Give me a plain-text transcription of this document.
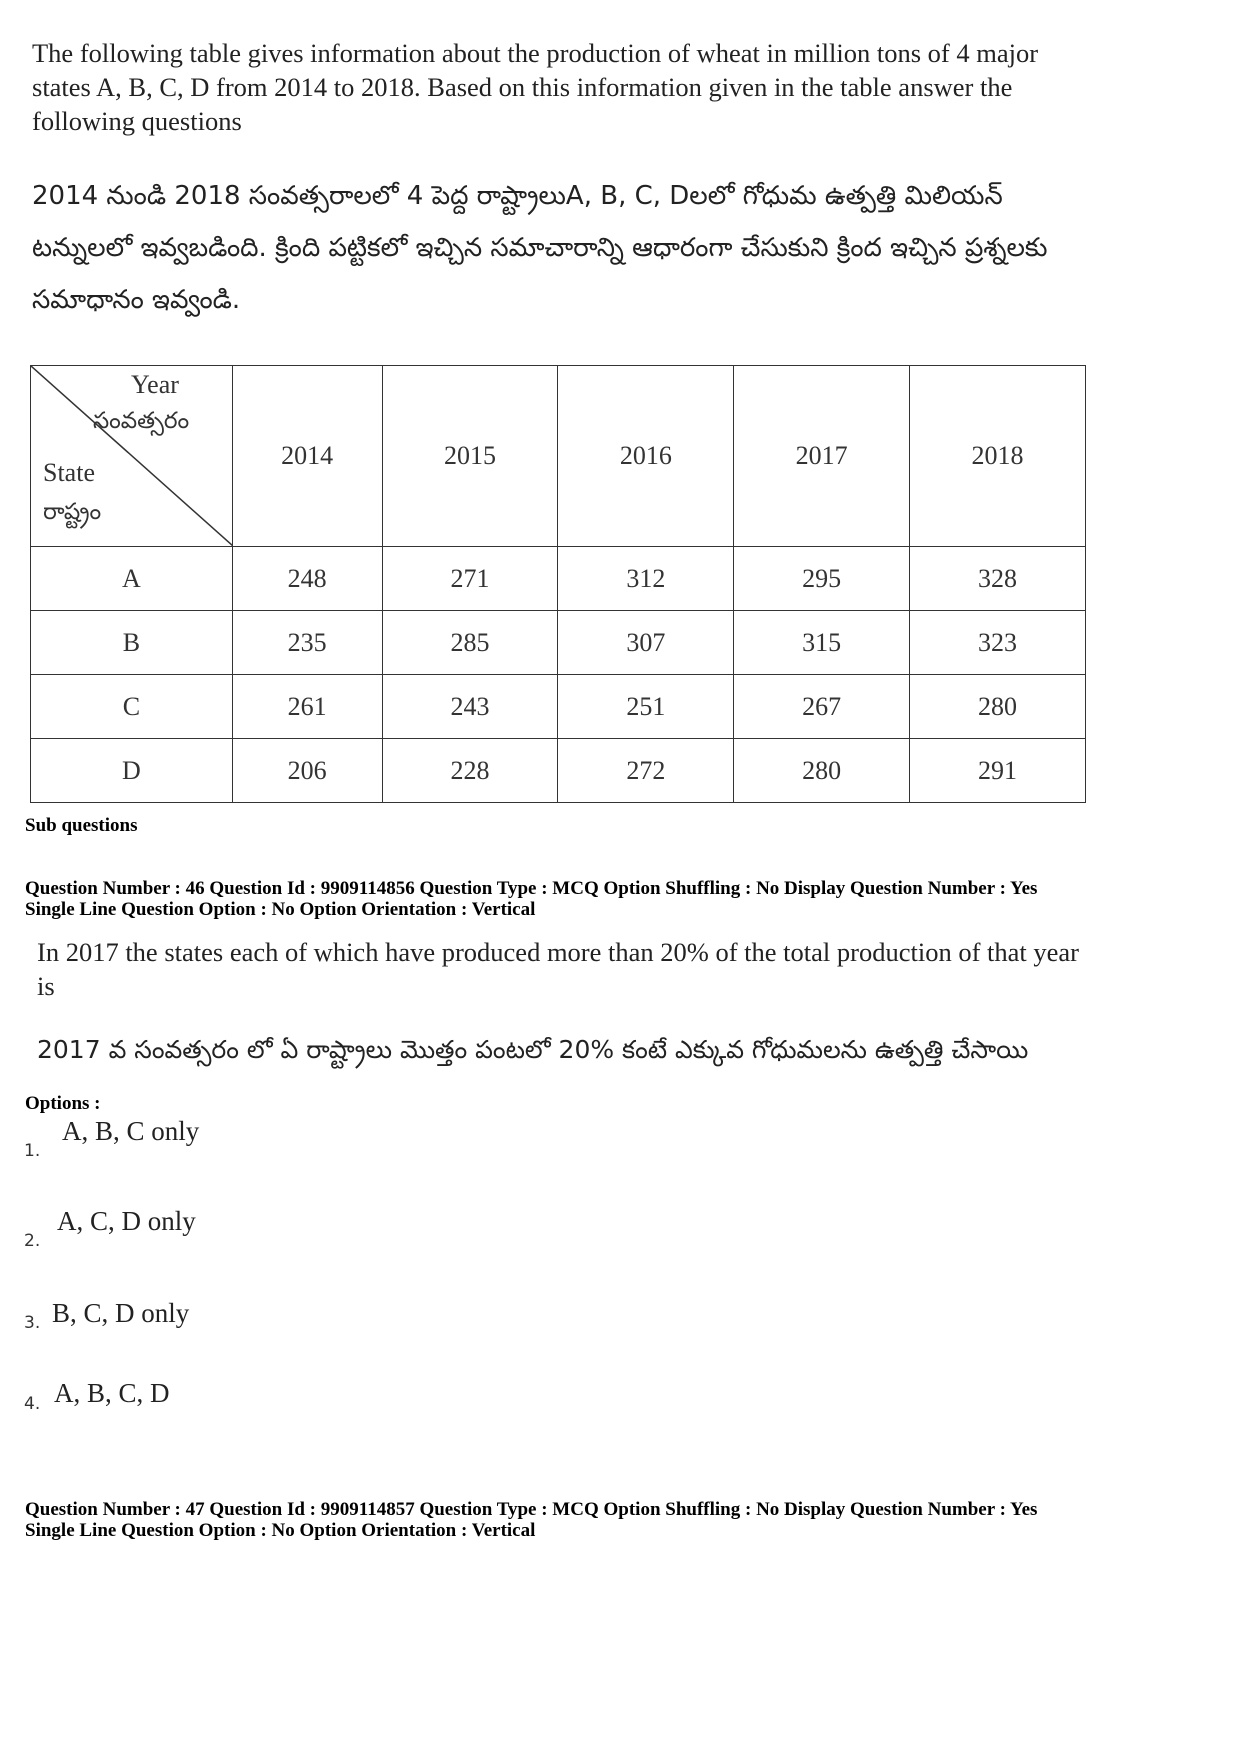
The following table gives information about the production of wheat in million tons of 4 major states A, B, C, D from 2014 to 2018. Based on this information given in the table answer the following questions
2014 నుండి 2018 సంవత్సరాలలో 4 పెద్ద రాష్ట్రాలుA, B, C, Dలలో గోధుమ ఉత్పత్తి మిలియన్ టన్నులలో ఇవ్వబడింది. క్రింది పట్టికలో ఇచ్చిన సమాచారాన్ని ఆధారంగా చేసుకుని క్రింద ఇచ్చిన ప్రశ్నలకు సమాధానం ఇవ్వండి.
Year
సంవత్సరం
State
రాష్ట్రం	2014	2015	2016	2017	2018
A	248	271	312	295	328
B	235	285	307	315	323
C	261	243	251	267	280
D	206	228	272	280	291
Sub questions
Question Number : 46 Question Id : 9909114856 Question Type : MCQ Option Shuffling : No Display Question Number : Yes
Single Line Question Option : No Option Orientation : Vertical
In 2017 the states each of which have produced more than 20% of the total production of that year is
2017 వ సంవత్సరం లో ఏ రాష్ట్రాలు మొత్తం పంటలో 20% కంటే ఎక్కువ గోధుమలను ఉత్పత్తి చేసాయి
Options :
1.
A, B, C only
2.
A, C, D only
3. B, C, D only
4. A, B, C, D
Question Number : 47 Question Id : 9909114857 Question Type : MCQ Option Shuffling : No Display Question Number : Yes
Single Line Question Option : No Option Orientation : Vertical
